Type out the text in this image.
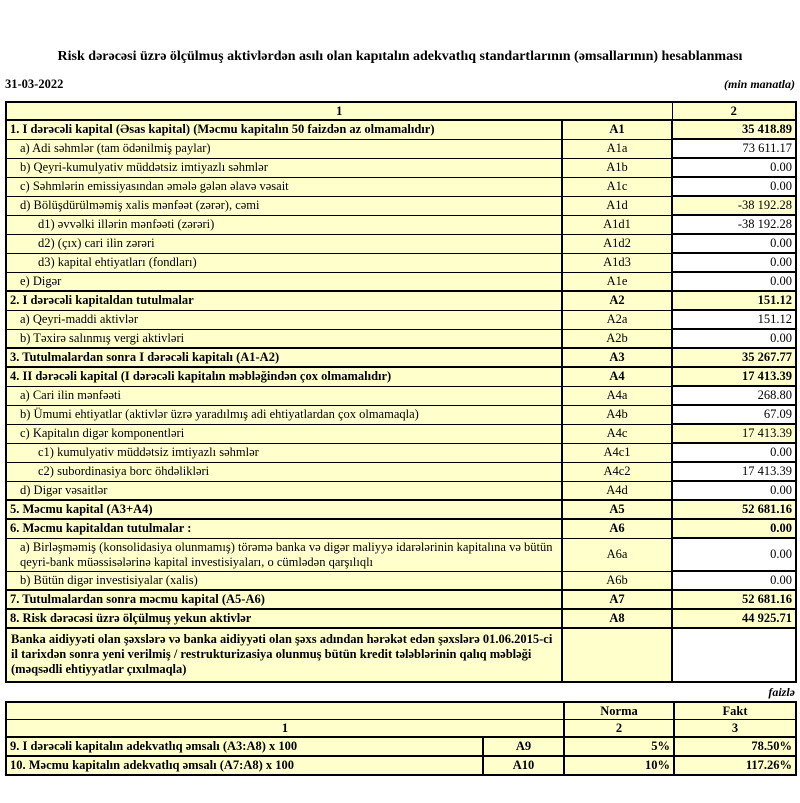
Risk dərəcəsi üzrə ölçülmuş aktivlərdən asılı olan kapıtalın adekvatlıq standartlarının (əmsallarının) hesablanması
31-03-2022	(min manatla)
1		2
1. I dərəcəli kapital (Əsas kapital) (Məcmu kapitalın 50 faizdən az olmamalıdır)	A1	35 418.89
a) Adi səhmlər (tam ödənilmiş paylar)	A1a	73 611.17
b) Qeyri-kumulyativ müddətsiz imtiyazlı səhmlər	A1b	0.00
c) Səhmlərin emissiyasından əmələ gələn əlavə vəsait	A1c	0.00
d) Bölüşdürülməmiş xalis mənfəət (zərər), cəmi	A1d	-38 192.28
d1) əvvəlki illərin mənfəəti (zərəri)	A1d1	-38 192.28
d2) (çıx) cari ilin zərəri	A1d2	0.00
d3) kapital ehtiyatları (fondları)	A1d3	0.00
e) Digər	A1e	0.00
2. I dərəcəli kapitaldan tutulmalar	A2	151.12
a) Qeyri-maddi aktivlər	A2a	151.12
b) Təxirə salınmış vergi aktivləri	A2b	0.00
3. Tutulmalardan sonra I dərəcəli kapitalı (A1-A2)	A3	35 267.77
4. II dərəcəli kapital (I dərəcəli kapitalın məbləğindən çox olmamalıdır)	A4	17 413.39
a) Cari ilin mənfəəti	A4a	268.80
b) Ümumi ehtiyatlar (aktivlər üzrə yaradılmış adi ehtiyatlardan çox olmamaqla)	A4b	67.09
c) Kapitalın digər komponentləri	A4c	17 413.39
c1) kumulyativ müddətsiz imtiyazlı səhmlər	A4c1	0.00
c2) subordinasiya borc öhdəlikləri	A4c2	17 413.39
d) Digər vəsaitlər	A4d	0.00
5. Məcmu kapital (A3+A4)	A5	52 681.16
6. Məcmu kapitaldan tutulmalar :	A6	0.00
a) Birləşməmiş (konsolidasiya olunmamış) törəmə banka və digər maliyyə idarələrinin kapitalına və bütün qeyri-bank müəssisələrinə kapital investisiyaları, o cümlədən qarşılıqlı	A6a	0.00
b) Bütün digər investisiyalar (xalis)	A6b	0.00
7. Tutulmalardan sonra məcmu kapital (A5-A6)	A7	52 681.16
8. Risk dərəcəsi üzrə ölçülmuş yekun aktivlər	A8	44 925.71
Banka aidiyyəti olan şəxslərə və banka aidiyyəti olan şəxs adından hərəkət edən şəxslərə 01.06.2015-ci il tarixdən sonra yeni verilmiş / restrukturizasiya olunmuş bütün kredit tələblərinin qalıq məbləği (məqsədli ehtiyyatlar çıxılmaqla)		
faizlə
		Norma	Fakt
1		2	3
9. I dərəcəli kapitalın adekvatlıq əmsalı (A3:A8) x 100	A9	5%	78.50%
10. Məcmu kapitalın adekvatlıq əmsalı (A7:A8) x 100	A10	10%	117.26%
